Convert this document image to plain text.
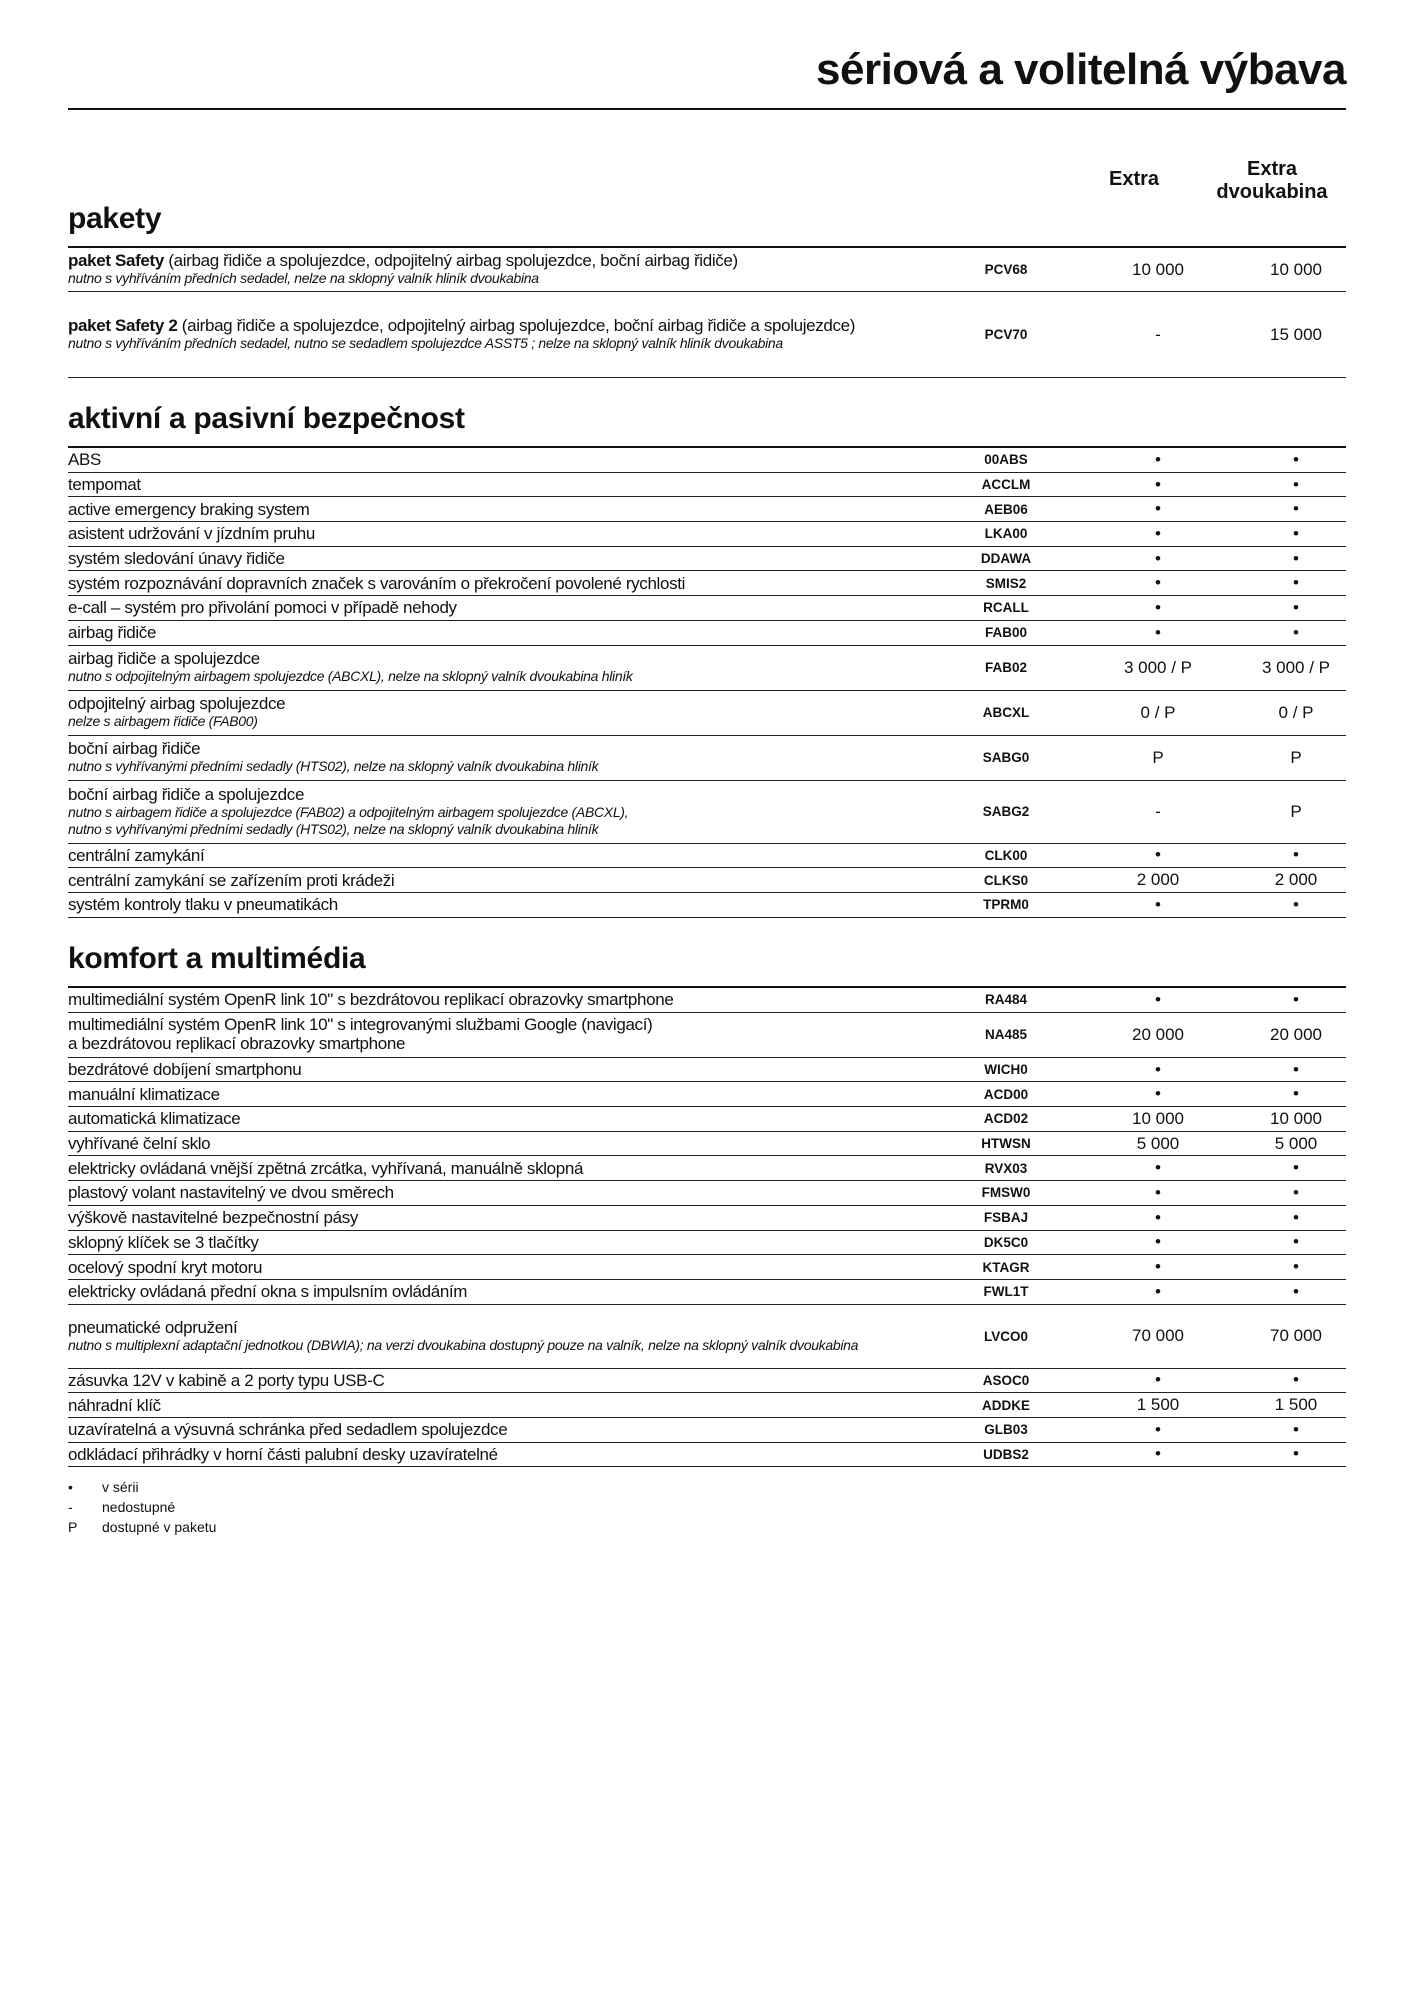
sériová a volitelná výbava
Extra	Extra
dvoukabina
pakety
paket Safety (airbag řidiče a spolujezdce, odpojitelný airbag spolujezdce, boční airbag řidiče)
nutno s vyhříváním předních sedadel, nelze na sklopný valník hliník dvoukabina
PCV68	10 000	10 000
paket Safety 2 (airbag řidiče a spolujezdce, odpojitelný airbag spolujezdce, boční airbag řidiče a spolujezdce)
nutno s vyhříváním předních sedadel, nutno se sedadlem spolujezdce ASST5 ; nelze na sklopný valník hliník dvoukabina
PCV70	-	15 000
aktivní a pasivní bezpečnost
ABS	00ABS	•	•
tempomat	ACCLM	•	•
active emergency braking system	AEB06	•	•
asistent udržování v jízdním pruhu	LKA00	•	•
systém sledování únavy řidiče	DDAWA	•	•
systém rozpoznávání dopravních značek s varováním o překročení povolené rychlosti	SMIS2	•	•
e-call – systém pro přivolání pomoci v případě nehody	RCALL	•	•
airbag řidiče	FAB00	•	•
airbag řidiče a spolujezdce
nutno s odpojitelným airbagem spolujezdce (ABCXL), nelze na sklopný valník dvoukabina hliník
FAB02	3 000 / P	3 000 / P
odpojitelný airbag spolujezdce
nelze s airbagem řidiče (FAB00)
ABCXL	0 / P	0 / P
boční airbag řidiče
nutno s vyhřívanými předními sedadly (HTS02), nelze na sklopný valník dvoukabina hliník
SABG0	P	P
boční airbag řidiče a spolujezdce
nutno s airbagem řidiče a spolujezdce (FAB02) a odpojitelným airbagem spolujezdce (ABCXL),
nutno s vyhřívanými předními sedadly (HTS02), nelze na sklopný valník dvoukabina hliník
SABG2	-	P
centrální zamykání	CLK00	•	•
centrální zamykání se zařízením proti krádeži	CLKS0	2 000	2 000
systém kontroly tlaku v pneumatikách	TPRM0	•	•
komfort a multimédia
multimediální systém OpenR link 10" s bezdrátovou replikací obrazovky smartphone	RA484	•	•
multimediální systém OpenR link 10" s integrovanými službami Google (navigací)
a bezdrátovou replikací obrazovky smartphone	NA485	20 000	20 000
bezdrátové dobíjení smartphonu	WICH0	•	•
manuální klimatizace	ACD00	•	•
automatická klimatizace	ACD02	10 000	10 000
vyhřívané čelní sklo	HTWSN	5 000	5 000
elektricky ovládaná vnější zpětná zrcátka, vyhřívaná, manuálně sklopná	RVX03	•	•
plastový volant nastavitelný ve dvou směrech	FMSW0	•	•
výškově nastavitelné bezpečnostní pásy	FSBAJ	•	•
sklopný klíček se 3 tlačítky	DK5C0	•	•
ocelový spodní kryt motoru	KTAGR	•	•
elektricky ovládaná přední okna s impulsním ovládáním	FWL1T	•	•
pneumatické odpružení
nutno s multiplexní adaptační jednotkou (DBWIA); na verzi dvoukabina dostupný pouze na valník, nelze na sklopný valník dvoukabina
LVCO0	70 000	70 000
zásuvka 12V v kabině a 2 porty typu USB-C	ASOC0	•	•
náhradní klíč	ADDKE	1 500	1 500
uzavíratelná a výsuvná schránka před sedadlem spolujezdce	GLB03	•	•
odkládací přihrádky v horní části palubní desky uzavíratelné	UDBS2	•	•
•	v sérii
-	nedostupné
P	dostupné v paketu
